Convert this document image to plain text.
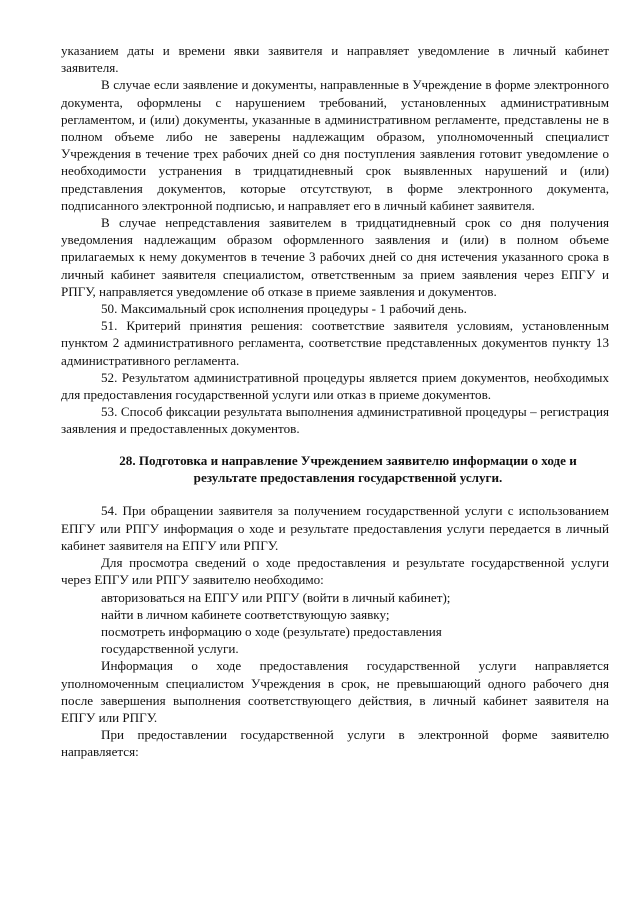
указанием даты и времени явки заявителя и направляет уведомление в личный кабинет заявителя.

В случае если заявление и документы, направленные в Учреждение в форме электронного документа, оформлены с нарушением требований, установленных административным регламентом, и (или) документы, указанные в административном регламенте, представлены не в полном объеме либо не заверены надлежащим образом, уполномоченный специалист Учреждения в течение трех рабочих дней со дня поступления заявления готовит уведомление о необходимости устранения в тридцатидневный срок выявленных нарушений и (или) представления документов, которые отсутствуют, в форме электронного документа, подписанного электронной подписью, и направляет его в личный кабинет заявителя.

В случае непредставления заявителем в тридцатидневный срок со дня получения уведомления надлежащим образом оформленного заявления и (или) в полном объеме прилагаемых к нему документов в течение 3 рабочих дней со дня истечения указанного срока в личный кабинет заявителя специалистом, ответственным за прием заявления через ЕПГУ и РПГУ, направляется уведомление об отказе в приеме заявления и документов.

50. Максимальный срок исполнения процедуры - 1 рабочий день.

51. Критерий принятия решения: соответствие заявителя условиям, установленным пунктом 2 административного регламента, соответствие представленных документов пункту 13 административного регламента.

52. Результатом административной процедуры является прием документов, необходимых для предоставления государственной услуги или отказ в приеме документов.

53. Способ фиксации результата выполнения административной процедуры – регистрация заявления и предоставленных документов.

28. Подготовка и направление Учреждением заявителю информации о ходе и результате предоставления государственной услуги.

54. При обращении заявителя за получением государственной услуги с использованием ЕПГУ или РПГУ информация о ходе и результате предоставления услуги передается в личный кабинет заявителя на ЕПГУ или РПГУ.

Для просмотра сведений о ходе предоставления и результате государственной услуги через ЕПГУ или РПГУ заявителю необходимо:

авторизоваться на ЕПГУ или РПГУ (войти в личный кабинет);

найти в личном кабинете соответствующую заявку;

посмотреть информацию о ходе (результате) предоставления

государственной услуги.

Информация о ходе предоставления государственной услуги направляется уполномоченным специалистом Учреждения в срок, не превышающий одного рабочего дня после завершения выполнения соответствующего действия, в личный кабинет заявителя на ЕПГУ или РПГУ.

При предоставлении государственной услуги в электронной форме заявителю направляется:
